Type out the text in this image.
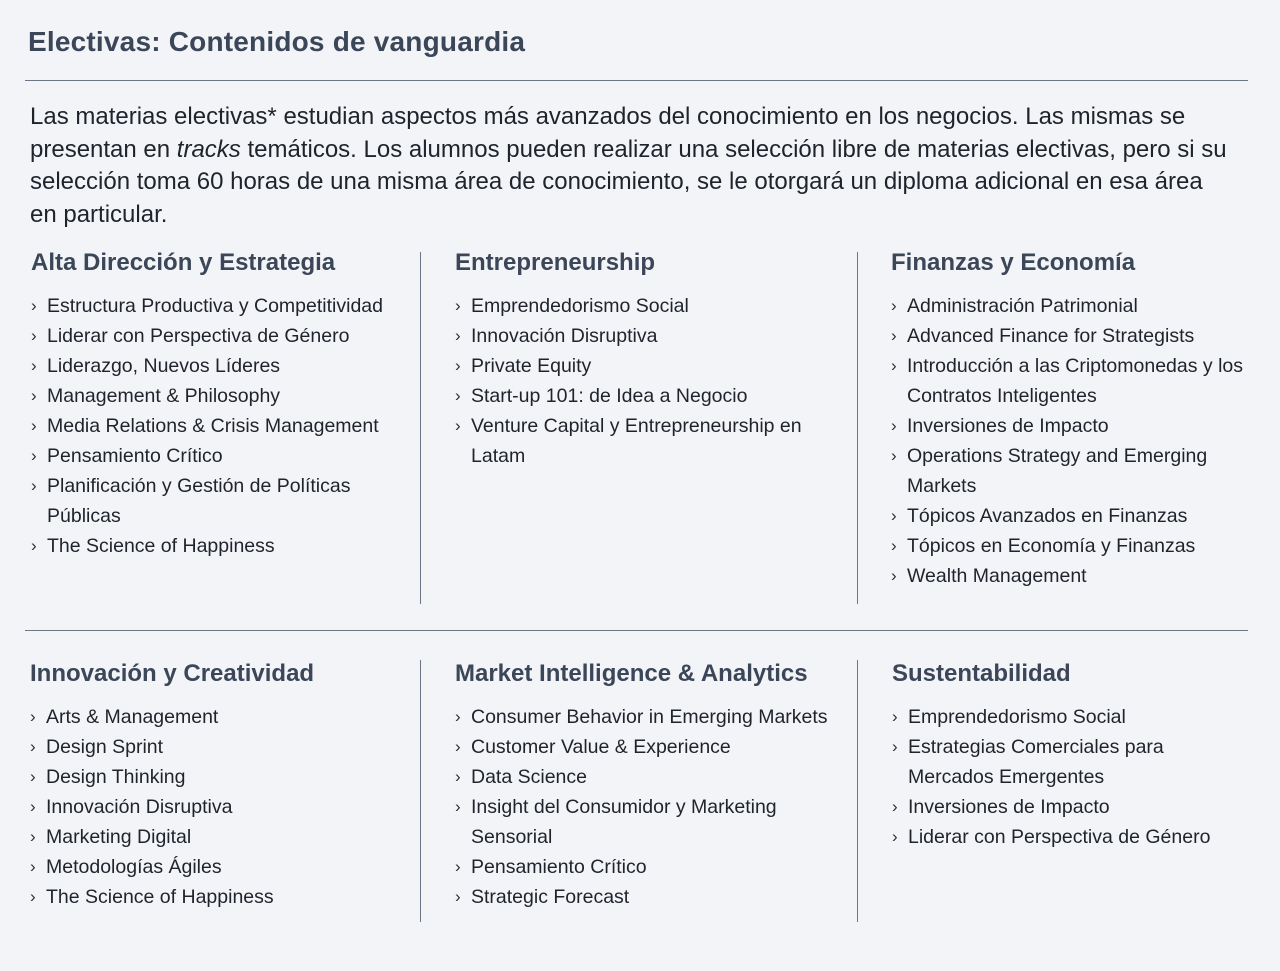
Electivas: Contenidos de vanguardia

Las materias electivas* estudian aspectos más avanzados del conocimiento en los negocios. Las mismas se presentan en tracks temáticos. Los alumnos pueden realizar una selección libre de materias electivas, pero si su selección toma 60 horas de una misma área de conocimiento, se le otorgará un diploma adicional en esa área en particular.

Alta Dirección y Estrategia
› Estructura Productiva y Competitividad
› Liderar con Perspectiva de Género
› Liderazgo, Nuevos Líderes
› Management & Philosophy
› Media Relations & Crisis Management
› Pensamiento Crítico
› Planificación y Gestión de Políticas Públicas
› The Science of Happiness
Entrepreneurship
› Emprendedorismo Social
› Innovación Disruptiva
› Private Equity
› Start-up 101: de Idea a Negocio
› Venture Capital y Entrepreneurship en Latam
Finanzas y Economía
› Administración Patrimonial
› Advanced Finance for Strategists
› Introducción a las Criptomonedas y los Contratos Inteligentes
› Inversiones de Impacto
› Operations Strategy and Emerging Markets
› Tópicos Avanzados en Finanzas
› Tópicos en Economía y Finanzas
› Wealth Management
Innovación y Creatividad
› Arts & Management
› Design Sprint
› Design Thinking
› Innovación Disruptiva
› Marketing Digital
› Metodologías Ágiles
› The Science of Happiness
Market Intelligence & Analytics
› Consumer Behavior in Emerging Markets
› Customer Value & Experience
› Data Science
› Insight del Consumidor y Marketing Sensorial
› Pensamiento Crítico
› Strategic Forecast
Sustentabilidad
› Emprendedorismo Social
› Estrategias Comerciales para Mercados Emergentes
› Inversiones de Impacto
› Liderar con Perspectiva de Género
